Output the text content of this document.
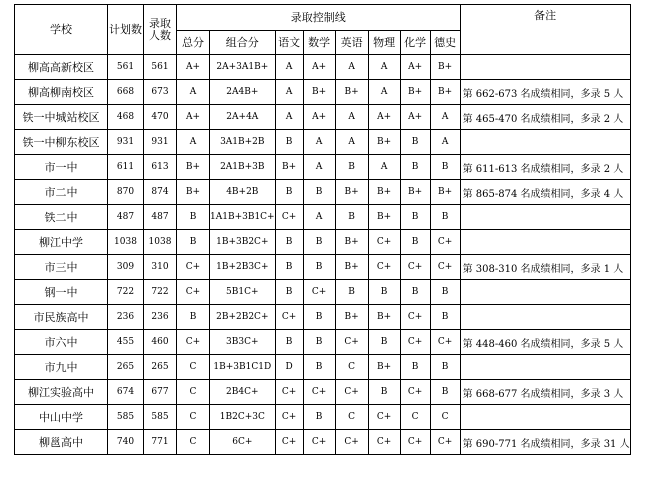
学校	计划数	录取人数	录取控制线								备注
			总分	组合分	语文	数学	英语	物理	化学	德史	
柳高高新校区	561	561	A+	2A+3A1B+	A	A+	A	A	A+	B+	
柳高柳南校区	668	673	A	2A4B+	A	B+	B+	A	B+	B+	第 662-673 名成绩相同，多录 5 人
铁一中城站校区	468	470	A+	2A+4A	A	A+	A	A+	A+	A	第 465-470 名成绩相同，多录 2 人
铁一中柳东校区	931	931	A	3A1B+2B	B	A	A	B+	B	A	
市一中	611	613	B+	2A1B+3B	B+	A	B	A	B	B	第 611-613 名成绩相同，多录 2 人
市二中	870	874	B+	4B+2B	B	B	B+	B+	B+	B+	第 865-874 名成绩相同，多录 4 人
铁二中	487	487	B	1A1B+3B1C+	C+	A	B	B+	B	B	
柳江中学	1038	1038	B	1B+3B2C+	B	B	B+	C+	B	C+	
市三中	309	310	C+	1B+2B3C+	B	B	B+	C+	C+	C+	第 308-310 名成绩相同，多录 1 人
钢一中	722	722	C+	5B1C+	B	C+	B	B	B	B	
市民族高中	236	236	B	2B+2B2C+	C+	B	B+	B+	C+	B	
市六中	455	460	C+	3B3C+	B	B	C+	B	C+	C+	第 448-460 名成绩相同，多录 5 人
市九中	265	265	C	1B+3B1C1D	D	B	C	B+	B	B	
柳江实验高中	674	677	C	2B4C+	C+	C+	C+	B	C+	B	第 668-677 名成绩相同，多录 3 人
中山中学	585	585	C	1B2C+3C	C+	B	C	C+	C	C	
柳邕高中	740	771	C	6C+	C+	C+	C+	C+	C+	C+	第 690-771 名成绩相同，多录 31 人
